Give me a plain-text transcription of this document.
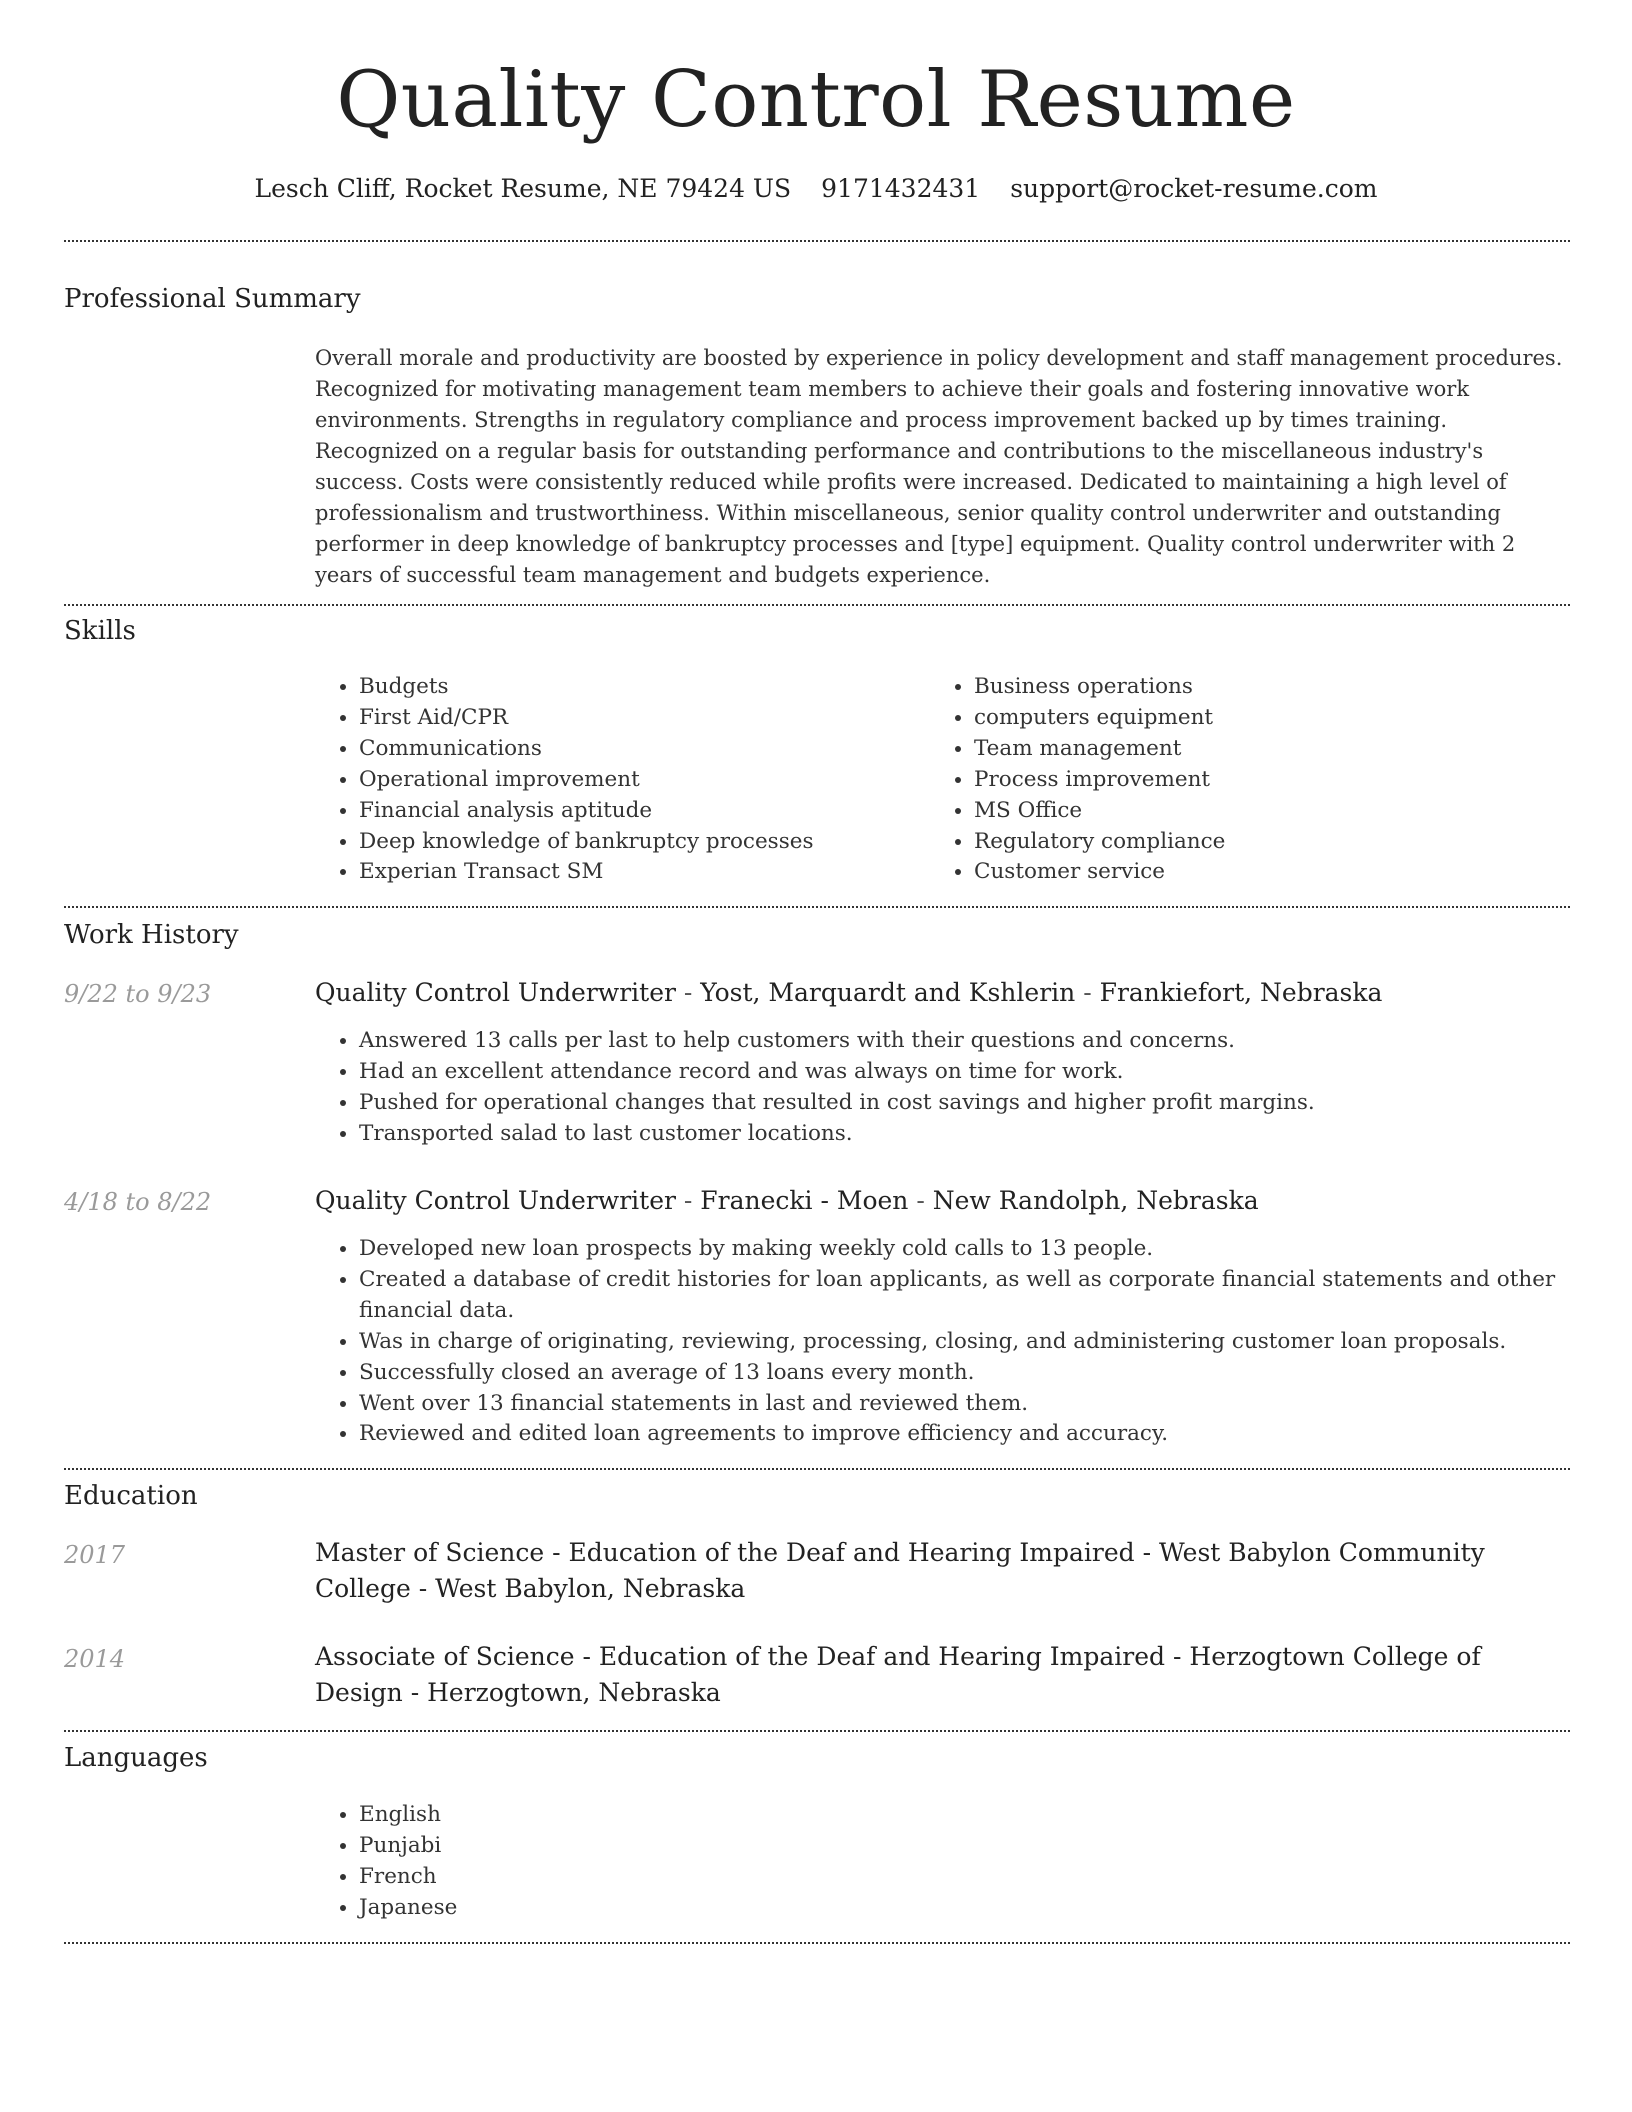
Quality Control Resume
Lesch Cliff, Rocket Resume, NE 79424 US 9171432431 support@rocket-resume.com
Professional Summary

Overall morale and productivity are boosted by experience in policy development and staff management procedures. Recognized for motivating management team members to achieve their goals and fostering innovative work environments. Strengths in regulatory compliance and process improvement backed up by times training. Recognized on a regular basis for outstanding performance and contributions to the miscellaneous industry's success. Costs were consistently reduced while profits were increased. Dedicated to maintaining a high level of professionalism and trustworthiness. Within miscellaneous, senior quality control underwriter and outstanding performer in deep knowledge of bankruptcy processes and [type] equipment. Quality control underwriter with 2 years of successful team management and budgets experience.

Skills
• Budgets
• First Aid/CPR
• Communications
• Operational improvement
• Financial analysis aptitude
• Deep knowledge of bankruptcy processes
• Experian Transact SM
• Business operations
• computers equipment
• Team management
• Process improvement
• MS Office
• Regulatory compliance
• Customer service
Work History
9/22 to 9/23	Quality Control Underwriter - Yost, Marquardt and Kshlerin - Frankiefort, Nebraska
• Answered 13 calls per last to help customers with their questions and concerns.
• Had an excellent attendance record and was always on time for work.
• Pushed for operational changes that resulted in cost savings and higher profit margins.
• Transported salad to last customer locations.
4/18 to 8/22	Quality Control Underwriter - Franecki - Moen - New Randolph, Nebraska
• Developed new loan prospects by making weekly cold calls to 13 people.
• Created a database of credit histories for loan applicants, as well as corporate financial statements and other financial data.
• Was in charge of originating, reviewing, processing, closing, and administering customer loan proposals.
• Successfully closed an average of 13 loans every month.
• Went over 13 financial statements in last and reviewed them.
• Reviewed and edited loan agreements to improve efficiency and accuracy.
Education
2017	Master of Science - Education of the Deaf and Hearing Impaired - West Babylon Community College - West Babylon, Nebraska
2014	Associate of Science - Education of the Deaf and Hearing Impaired - Herzogtown College of Design - Herzogtown, Nebraska
Languages
• English
• Punjabi
• French
• Japanese
